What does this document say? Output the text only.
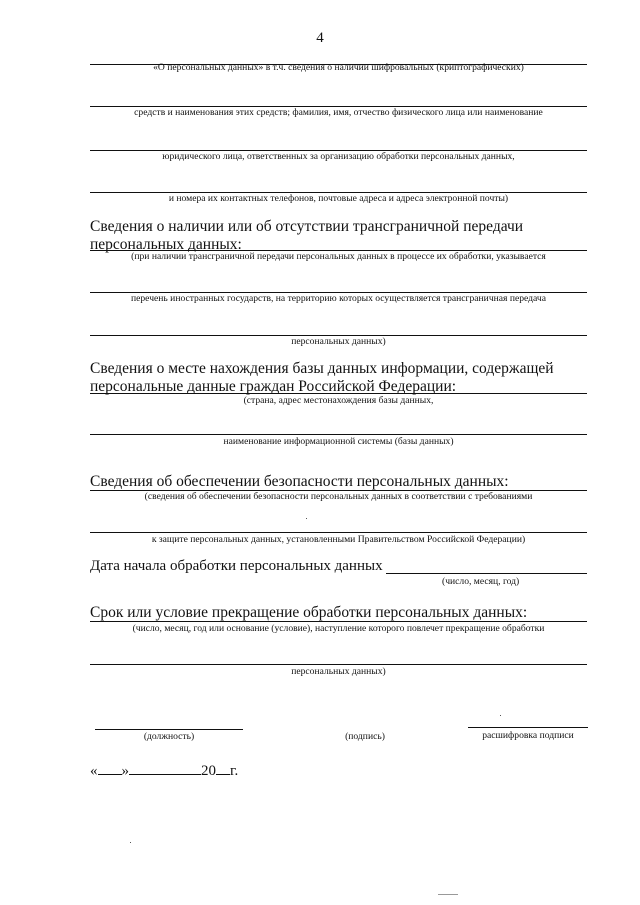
4
«О персональных данных» в т.ч. сведения о наличии шифровальных (криптографических)
средств и наименования этих средств; фамилия, имя, отчество физического лица или наименование
юридического лица, ответственных за организацию обработки персональных данных,
и номера их контактных телефонов, почтовые адреса и адреса электронной почты)
Сведения о наличии или об отсутствии трансграничной передачи
персональных данных:
(при наличии трансграничной передачи персональных данных в процессе их обработки, указывается
перечень иностранных государств, на территорию которых осуществляется трансграничная передача
персональных данных)
Сведения о месте нахождения базы данных информации, содержащей
персональные данные граждан Российской Федерации:
(страна, адрес местонахождения базы данных,
наименование информационной системы (базы данных)
Сведения об обеспечении безопасности персональных данных:
(сведения об обеспечении безопасности персональных данных в соответствии с требованиями
к защите персональных данных, установленными Правительством Российской Федерации)
Дата начала обработки персональных данных
(число, месяц, год)
Срок или условие прекращение обработки персональных данных:
(число, месяц, год или основание (условие), наступление которого повлечет прекращение обработки
персональных данных)
(должность)	(подпись)	расшифровка подписи
« »	20 г.
